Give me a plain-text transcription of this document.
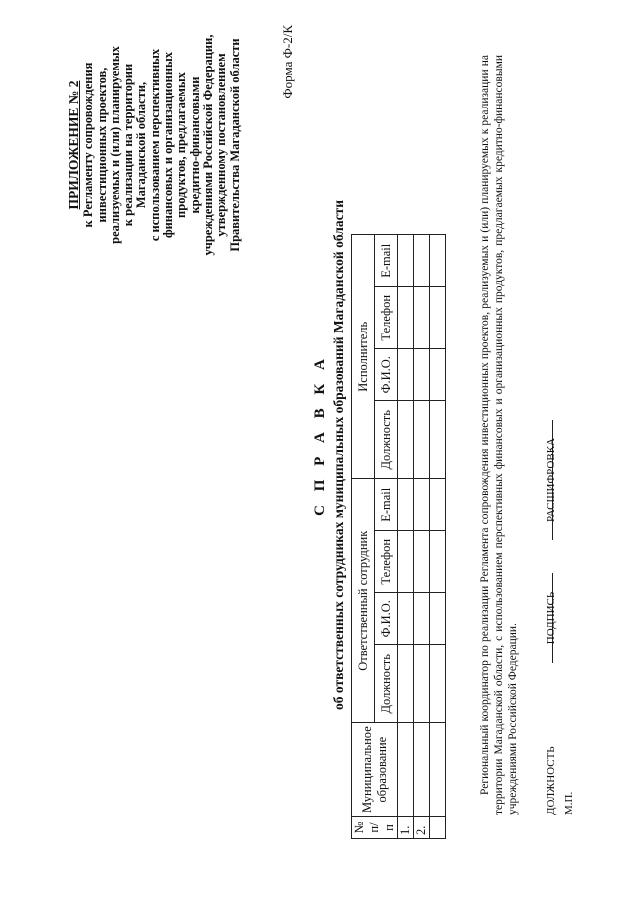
ПРИЛОЖЕНИЕ № 2 к Регламенту сопровождения инвестиционных проектов, реализуемых и (или) планируемых к реализации на территории Магаданской области, с использованием перспективных финансовых и организационных продуктов, предлагаемых кредитно-финансовыми учреждениями Российской Федерации, утвержденному постановлением Правительства Магаданской области	Форма Ф-2/К
С П Р А В К А об ответственных сотрудниках муниципальных образований Магаданской области
№ п/п	Муниципальное образование	Ответственный сотрудник				Исполнитель			
		Должность	Ф.И.О.	Телефон	E-mail	Должность	Ф.И.О.	Телефон	E-mail
1.									
2.									

Региональный координатор по реализации Регламента сопровождения инвестиционных проектов, реализуемых и (или) планируемых к реализации на территории Магаданской области, с использованием перспективных финансовых и организационных продуктов, предлагаемых кредитно-финансовыми учреждениями Российской Федерации. ДОЛЖНОСТЬ
ПОДПИСЬ
РАСШИФРОВКА
М.П.
